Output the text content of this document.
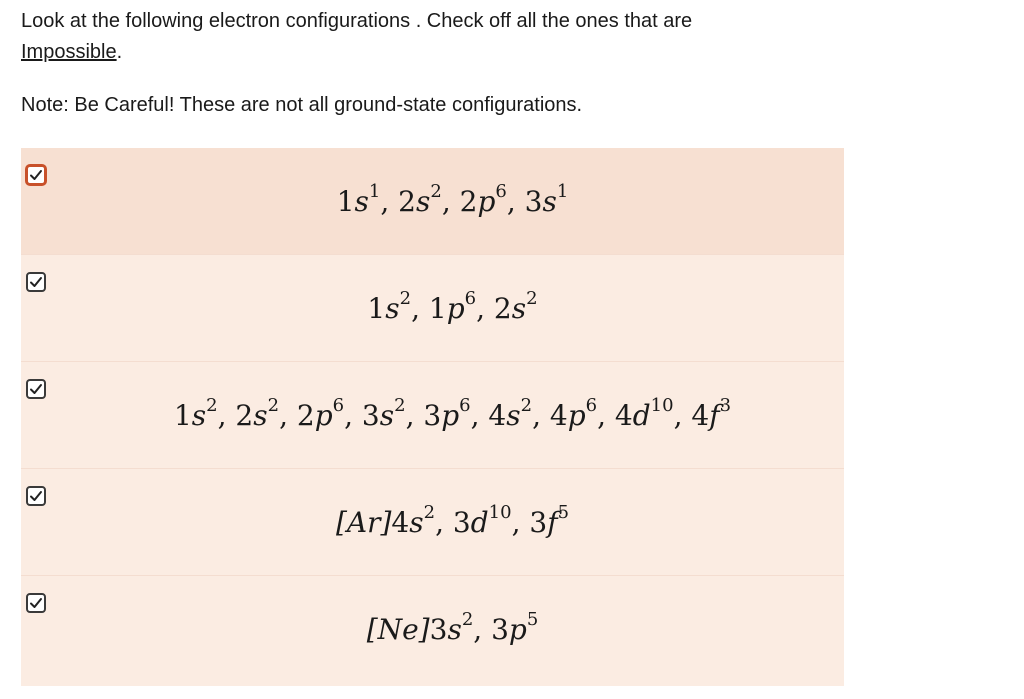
Look at the following electron configurations . Check off all the ones that are
Impossible.
Note: Be Careful! These are not all ground-state configurations.
$1s^1$, $2s^2$, $2p^6$, $3s^1$
$1s^2$, $1p^6$, $2s^2$
$1s^2$, $2s^2$, $2p^6$, $3s^2$, $3p^6$, $4s^2$, $4p^6$, $4d^{10}$, $4f^3$
$[Ar]4s^2$, $3d^{10}$, $3f^5$
$[Ne]3s^2$, $3p^5$
